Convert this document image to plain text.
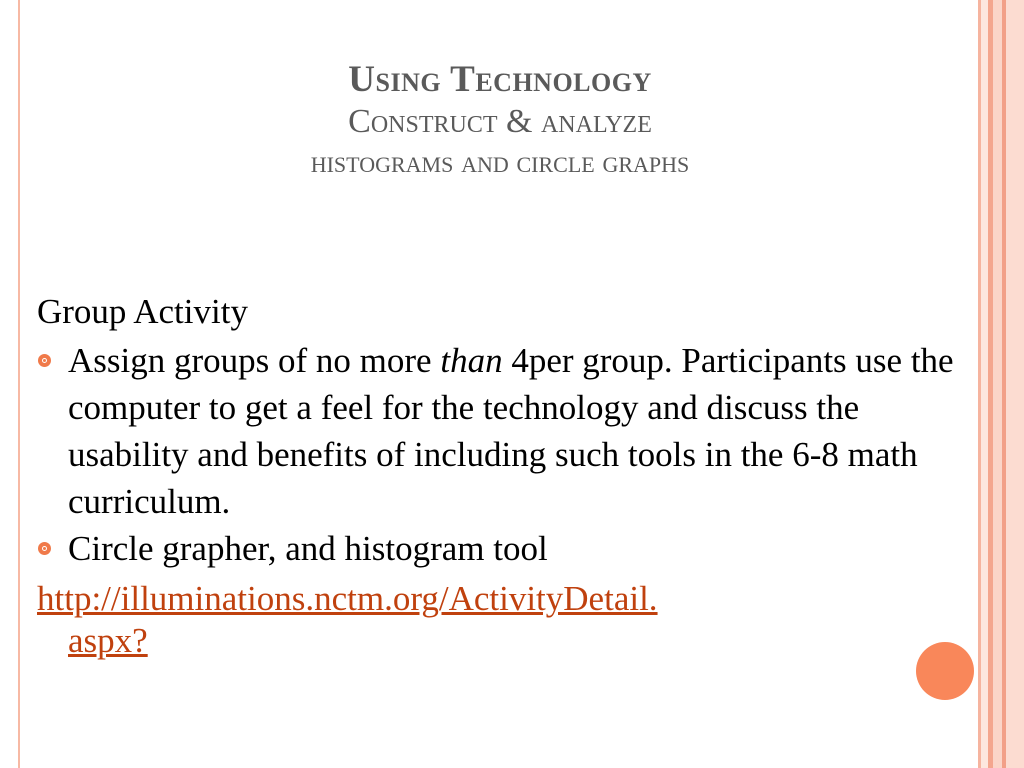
Using Technology
Construct & analyze
histograms and circle graphs

Group Activity

Assign groups of no more than 4per group. Participants use the computer to get a feel for the technology and discuss the usability and benefits of including such tools in the 6-8 math curriculum.

Circle grapher, and histogram tool

http://illuminations.nctm.org/ActivityDetail.
aspx?
